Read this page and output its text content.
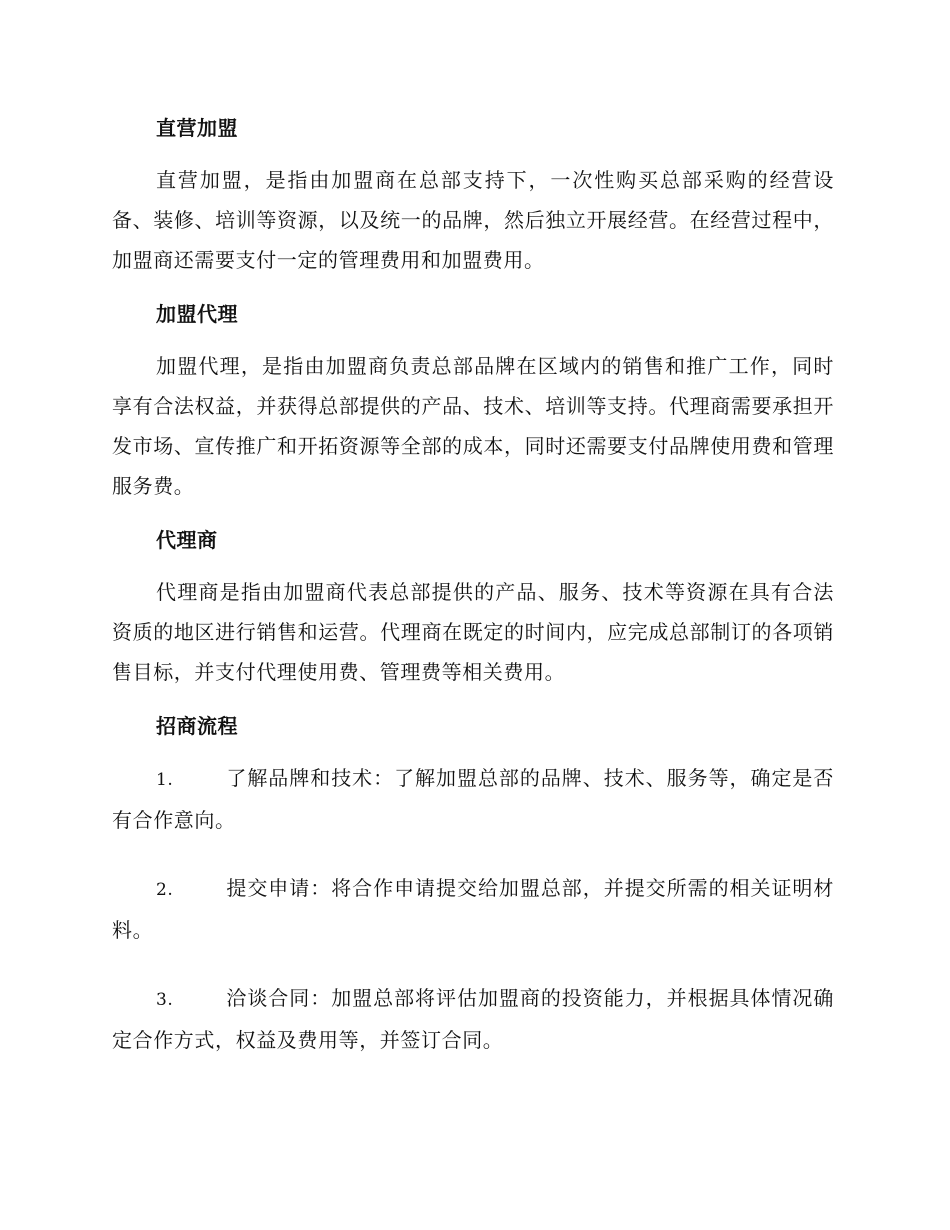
直营加盟

直营加盟，是指由加盟商在总部支持下，一次性购买总部采购的经营设备、装修、培训等资源，以及统一的品牌，然后独立开展经营。在经营过程中，加盟商还需要支付一定的管理费用和加盟费用。

加盟代理

加盟代理，是指由加盟商负责总部品牌在区域内的销售和推广工作，同时享有合法权益，并获得总部提供的产品、技术、培训等支持。代理商需要承担开发市场、宣传推广和开拓资源等全部的成本，同时还需要支付品牌使用费和管理服务费。

代理商

代理商是指由加盟商代表总部提供的产品、服务、技术等资源在具有合法资质的地区进行销售和运营。代理商在既定的时间内，应完成总部制订的各项销售目标，并支付代理使用费、管理费等相关费用。

招商流程

1.	了解品牌和技术：了解加盟总部的品牌、技术、服务等，确定是否有合作意向。

2.	提交申请：将合作申请提交给加盟总部，并提交所需的相关证明材料。

3.	洽谈合同：加盟总部将评估加盟商的投资能力，并根据具体情况确定合作方式，权益及费用等，并签订合同。
